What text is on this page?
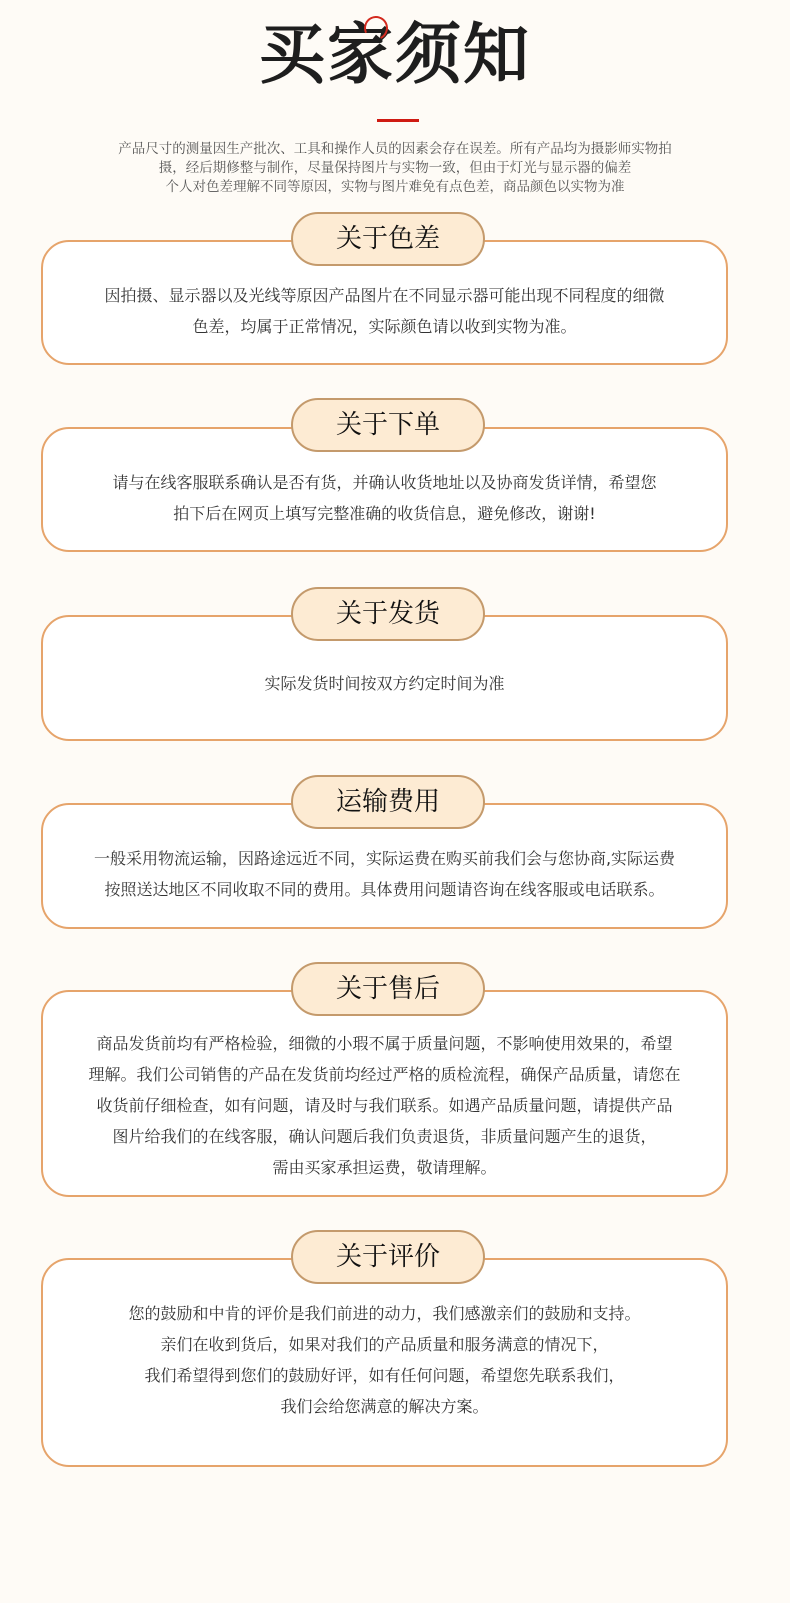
买家须知
产品尺寸的测量因生产批次、工具和操作人员的因素会存在误差。所有产品均为摄影师实物拍
摄，经后期修整与制作，尽量保持图片与实物一致，但由于灯光与显示器的偏差
个人对色差理解不同等原因，实物与图片难免有点色差，商品颜色以实物为准
因拍摄、显示器以及光线等原因产品图片在不同显示器可能出现不同程度的细微
色差，均属于正常情况，实际颜色请以收到实物为准。
关于色差
请与在线客服联系确认是否有货，并确认收货地址以及协商发货详情，希望您
拍下后在网页上填写完整准确的收货信息，避免修改，谢谢!
关于下单
实际发货时间按双方约定时间为准
关于发货
一般采用物流运输，因路途远近不同，实际运费在购买前我们会与您协商,实际运费
按照送达地区不同收取不同的费用。具体费用问题请咨询在线客服或电话联系。
运输费用
商品发货前均有严格检验，细微的小瑕不属于质量问题，不影响使用效果的，希望
理解。我们公司销售的产品在发货前均经过严格的质检流程，确保产品质量，请您在
收货前仔细检查，如有问题，请及时与我们联系。如遇产品质量问题，请提供产品
图片给我们的在线客服，确认问题后我们负责退货，非质量问题产生的退货，
需由买家承担运费，敬请理解。
关于售后
您的鼓励和中肯的评价是我们前进的动力，我们感激亲们的鼓励和支持。
亲们在收到货后，如果对我们的产品质量和服务满意的情况下，
我们希望得到您们的鼓励好评，如有任何问题，希望您先联系我们，
我们会给您满意的解决方案。
关于评价
